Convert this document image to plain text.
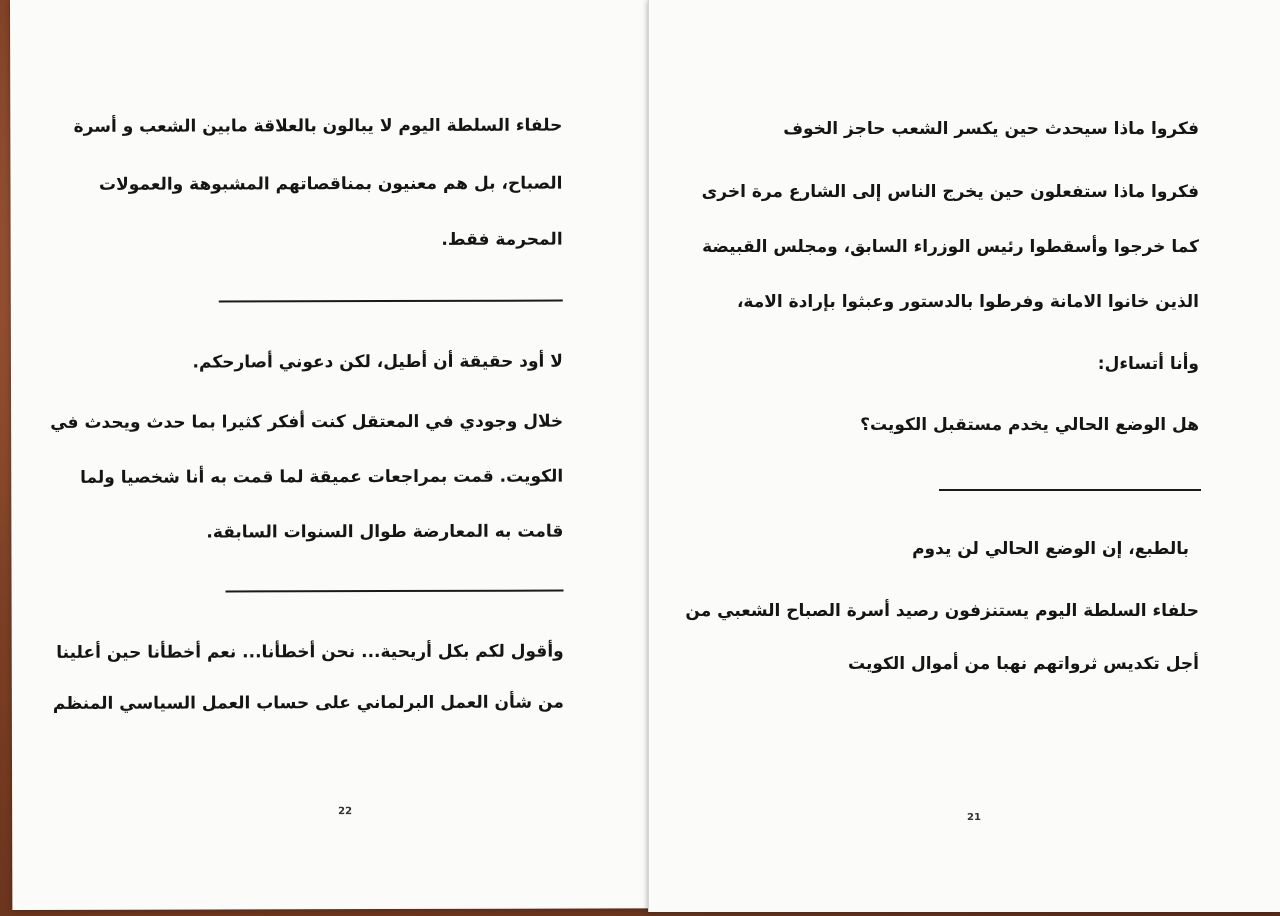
حلفاء السلطة اليوم لا يبالون بالعلاقة مابين الشعب و أسرة
الصباح، بل هم معنيون بمناقصاتهم المشبوهة والعمولات
المحرمة فقط.
لا أود حقيقة أن أطيل، لكن دعوني أصارحكم.
خلال وجودي في المعتقل كنت أفكر كثيرا بما حدث ويحدث في
الكويت. قمت بمراجعات عميقة لما قمت به أنا شخصيا ولما
قامت به المعارضة طوال السنوات السابقة.
وأقول لكم بكل أريحية... نحن أخطأنا... نعم أخطأنا حين أعلينا
من شأن العمل البرلماني على حساب العمل السياسي المنظم
22
فكروا ماذا سيحدث حين يكسر الشعب حاجز الخوف
فكروا ماذا ستفعلون حين يخرج الناس إلى الشارع مرة اخرى
كما خرجوا وأسقطوا رئيس الوزراء السابق، ومجلس القبيضة
الذين خانوا الامانة وفرطوا بالدستور وعبثوا بإرادة الامة،
وأنا أتساءل:
هل الوضع الحالي يخدم مستقبل الكويت؟
بالطبع، إن الوضع الحالي لن يدوم
حلفاء السلطة اليوم يستنزفون رصيد أسرة الصباح الشعبي من
أجل تكديس ثرواتهم نهبا من أموال الكويت
21
